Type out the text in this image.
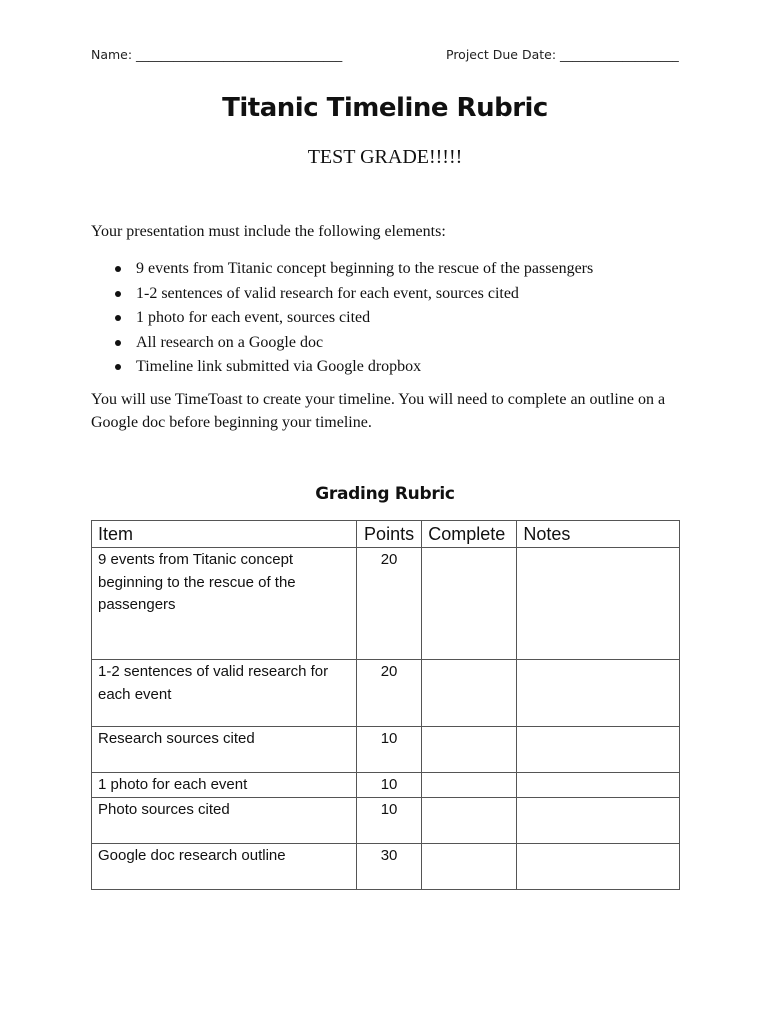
Name: _________________________________	Project Due Date: ___________________
Titanic Timeline Rubric
TEST GRADE!!!!!
Your presentation must include the following elements:
9 events from Titanic concept beginning to the rescue of the passengers
1-2 sentences of valid research for each event, sources cited
1 photo for each event, sources cited
All research on a Google doc
Timeline link submitted via Google dropbox
You will use TimeToast to create your timeline. You will need to complete an outline on a Google doc before beginning your timeline.
Grading Rubric
Item	Points	Complete	Notes
9 events from Titanic concept beginning to the rescue of the passengers	20		
1-2 sentences of valid research for each event	20		
Research sources cited	10		
1 photo for each event	10		
Photo sources cited	10		
Google doc research outline	30		
